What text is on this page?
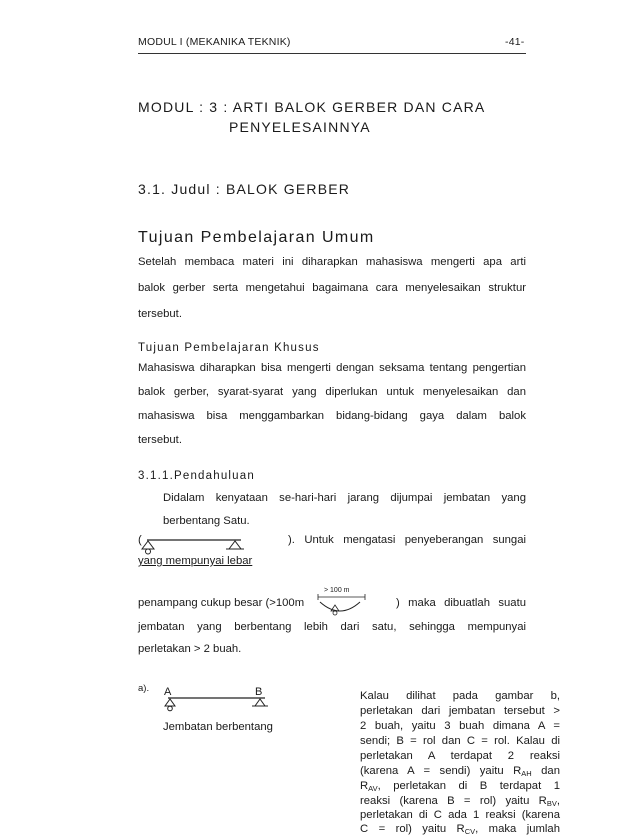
MODUL I (MEKANIKA TEKNIK)	-41-
MODUL : 3 : ARTI BALOK GERBER DAN CARA
PENYELESAINNYA
3.1. Judul : BALOK GERBER
Tujuan Pembelajaran Umum
Setelah membaca materi ini diharapkan mahasiswa mengerti apa arti
balok gerber serta mengetahui bagaimana cara menyelesaikan struktur
tersebut.
Tujuan Pembelajaran Khusus
Mahasiswa diharapkan bisa mengerti dengan seksama tentang pengertian
balok gerber, syarat-syarat yang diperlukan untuk menyelesaikan dan
mahasiswa bisa menggambarkan bidang-bidang gaya dalam balok
tersebut.
3.1.1.Pendahuluan
Didalam kenyataan se-hari-hari jarang dijumpai jembatan yang
berbentang Satu.
(	). Untuk mengatasi penyeberangan sungai
yang mempunyai lebar
> 100 m
penampang cukup besar (>100m	) maka dibuatlah suatu
jembatan yang berbentang lebih dari satu, sehingga mempunyai
perletakan > 2 buah.
a). A	B
Jembatan berbentang
Kalau dilihat pada gambar b,
perletakan dari jembatan tersebut >
2 buah, yaitu 3 buah dimana A =
sendi; B = rol dan C = rol. Kalau di
perletakan A terdapat 2 reaksi
(karena A = sendi) yaitu $R_{AH}$ dan
$R_{AV}$, perletakan di B terdapat 1
reaksi (karena B = rol) yaitu $R_{BV}$,
perletakan di C ada 1 reaksi (karena
C = rol) yaitu $R_{CV}$, maka jumlah
